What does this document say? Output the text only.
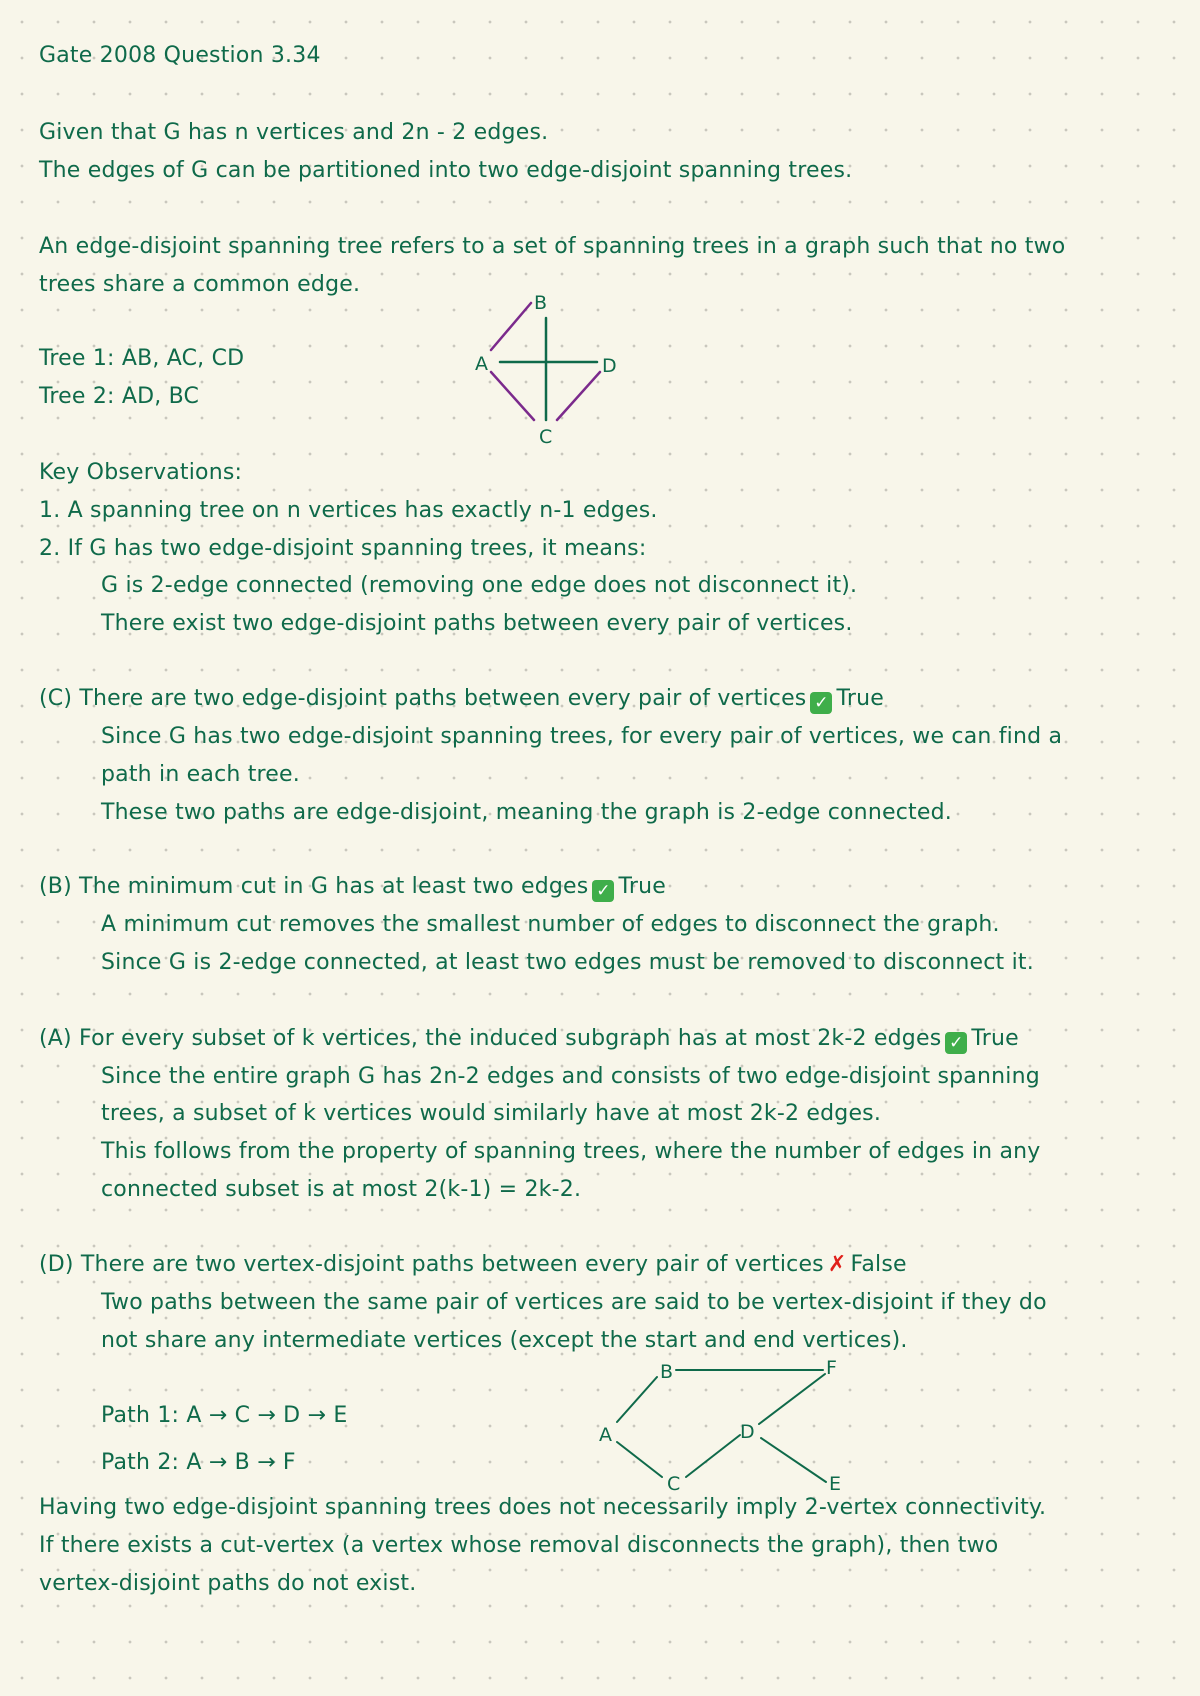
Gate 2008 Question 3.34
Given that G has n vertices and 2n - 2 edges.
The edges of G can be partitioned into two edge-disjoint spanning trees.
An edge-disjoint spanning tree refers to a set of spanning trees in a graph such that no two
trees share a common edge.
Tree 1: AB, AC, CD
Tree 2: AD, BC
A
B
C
D
A
B
C
D
E
F
Key Observations:
1. A spanning tree on n vertices has exactly n-1 edges.
2. If G has two edge-disjoint spanning trees, it means:
G is 2-edge connected (removing one edge does not disconnect it).
There exist two edge-disjoint paths between every pair of vertices.
(C) There are two edge-disjoint paths between every pair of vertices ✓ True
Since G has two edge-disjoint spanning trees, for every pair of vertices, we can find a
path in each tree.
These two paths are edge-disjoint, meaning the graph is 2-edge connected.
(B) The minimum cut in G has at least two edges ✓ True
A minimum cut removes the smallest number of edges to disconnect the graph.
Since G is 2-edge connected, at least two edges must be removed to disconnect it.
(A) For every subset of k vertices, the induced subgraph has at most 2k-2 edges ✓ True
Since the entire graph G has 2n-2 edges and consists of two edge-disjoint spanning
trees, a subset of k vertices would similarly have at most 2k-2 edges.
This follows from the property of spanning trees, where the number of edges in any
connected subset is at most 2(k-1) = 2k-2.
(D) There are two vertex-disjoint paths between every pair of vertices ✗ False
Two paths between the same pair of vertices are said to be vertex-disjoint if they do
not share any intermediate vertices (except the start and end vertices).
Path 1: A → C → D → E
Path 2: A → B → F
Having two edge-disjoint spanning trees does not necessarily imply 2-vertex connectivity.
If there exists a cut-vertex (a vertex whose removal disconnects the graph), then two
vertex-disjoint paths do not exist.
